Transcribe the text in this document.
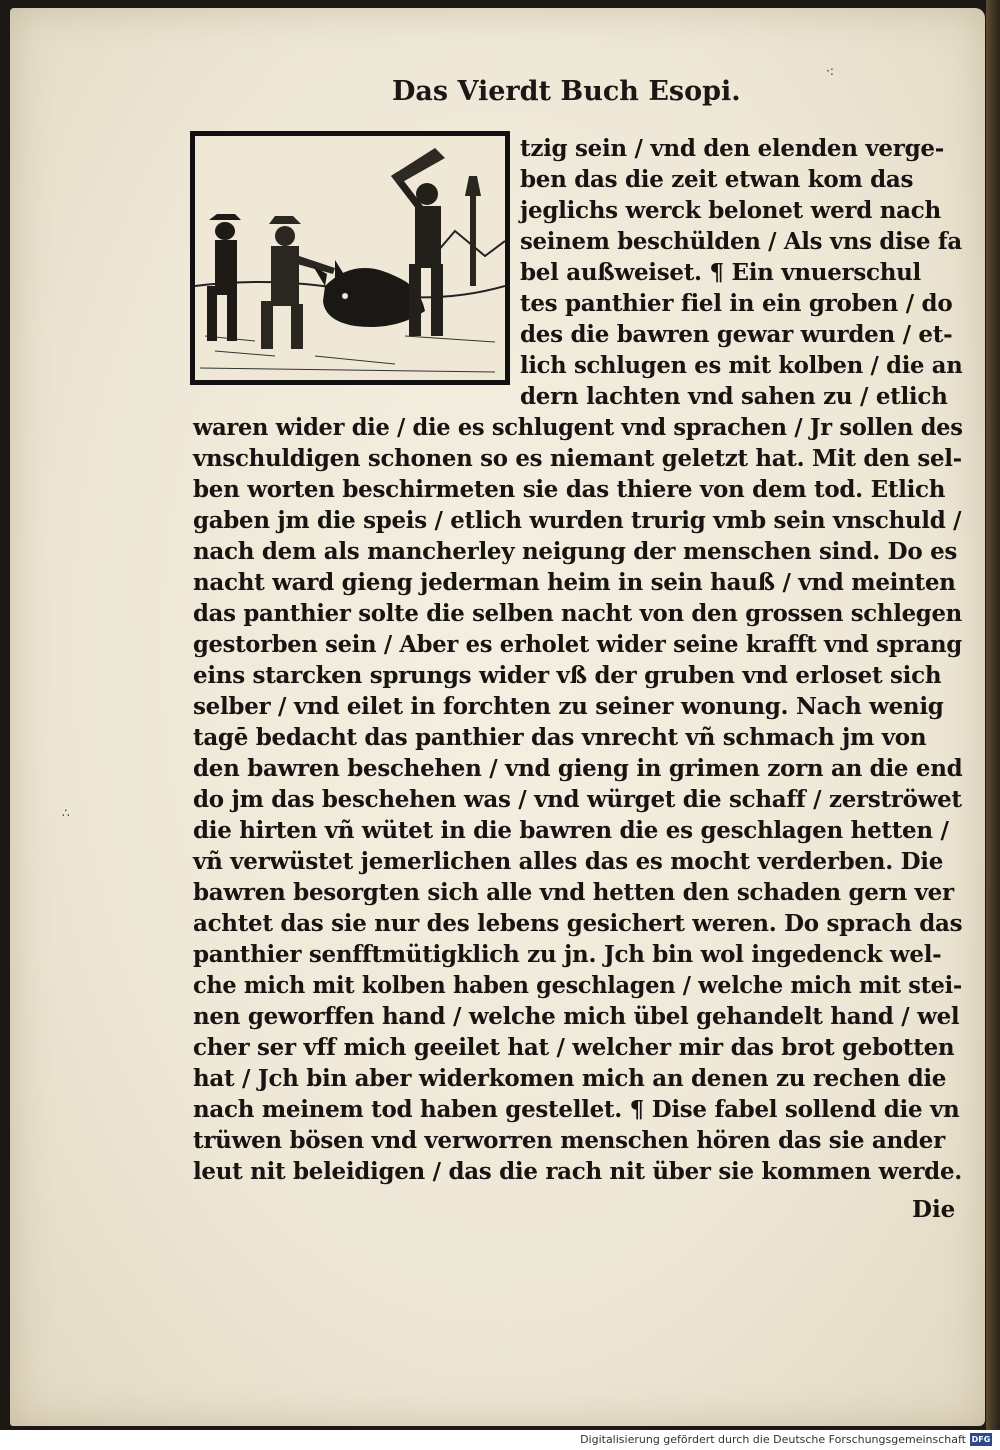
Das Vierdt Buch Esopi.
tzig sein / vnd den elenden verge-
ben das die zeit etwan kom das
jeglichs werck belonet werd nach
seinem beschülden / Als vns dise fa
bel außweiset. ¶ Ein vnuerschul
tes panthier fiel in ein groben / do
des die bawren gewar wurden / et-
lich schlugen es mit kolben / die an
dern lachten vnd sahen zu / etlich
waren wider die / die es schlugent vnd sprachen / Jr sollen des
vnschuldigen schonen so es niemant geletzt hat. Mit den sel-
ben worten beschirmeten sie das thiere von dem tod. Etlich
gaben jm die speis / etlich wurden trurig vmb sein vnschuld /
nach dem als mancherley neigung der menschen sind. Do es
nacht ward gieng jederman heim in sein hauß / vnd meinten
das panthier solte die selben nacht von den grossen schlegen
gestorben sein / Aber es erholet wider seine krafft vnd sprang
eins starcken sprungs wider vß der gruben vnd erloset sich
selber / vnd eilet in forchten zu seiner wonung. Nach wenig
tagē bedacht das panthier das vnrecht vñ schmach jm von
den bawren beschehen / vnd gieng in grimen zorn an die end
do jm das beschehen was / vnd würget die schaff / zerströwet
die hirten vñ wütet in die bawren die es geschlagen hetten /
vñ verwüstet jemerlichen alles das es mocht verderben. Die
bawren besorgten sich alle vnd hetten den schaden gern ver
achtet das sie nur des lebens gesichert weren. Do sprach das
panthier senfftmütigklich zu jn. Jch bin wol ingedenck wel-
che mich mit kolben haben geschlagen / welche mich mit stei-
nen geworffen hand / welche mich übel gehandelt hand / wel
cher ser vff mich geeilet hat / welcher mir das brot gebotten
hat / Jch bin aber widerkomen mich an denen zu rechen die
nach meinem tod haben gestellet. ¶ Dise fabel sollend die vn
trüwen bösen vnd verworren menschen hören das sie ander
leut nit beleidigen / das die rach nit über sie kommen werde.
Die
∴
·:
Digitalisierung gefördert durch die Deutsche Forschungsgemeinschaft DFG
